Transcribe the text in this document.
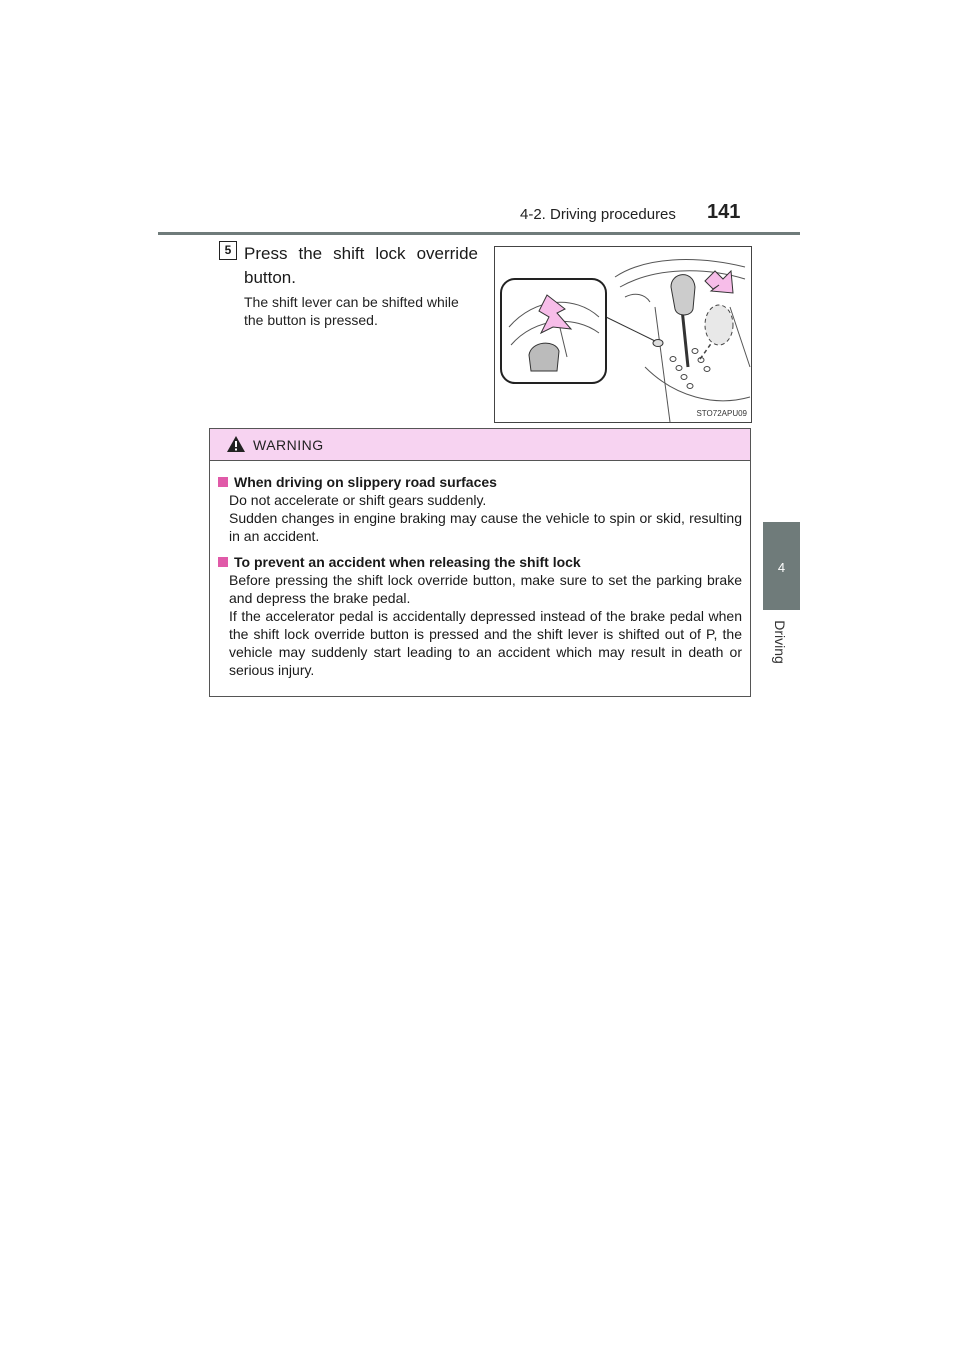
4-2. Driving procedures 141
4
Driving
5 Press the shift lock override
button.
The shift lever can be shifted while the button is pressed.
STO72APU09
WARNING
When driving on slippery road surfaces

Do not accelerate or shift gears suddenly.

Sudden changes in engine braking may cause the vehicle to spin or skid, resulting in an accident.

To prevent an accident when releasing the shift lock

Before pressing the shift lock override button, make sure to set the parking brake and depress the brake pedal.

If the accelerator pedal is accidentally depressed instead of the brake pedal when the shift lock override button is pressed and the shift lever is shifted out of P, the vehicle may suddenly start leading to an accident which may result in death or serious injury.
